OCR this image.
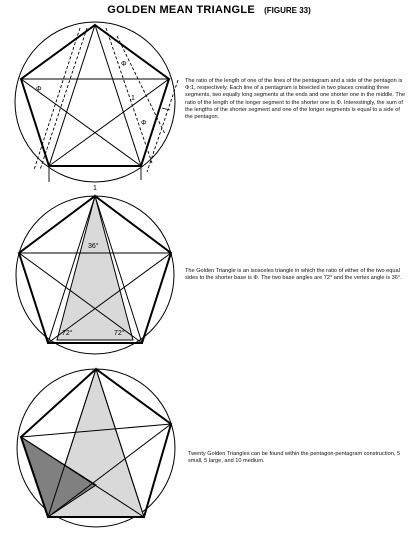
GOLDEN MEAN TRIANGLE (FIGURE 33)
Φ
Φ
Φ
1
1
36°
72°	72°
The ratio of the length of one of the lines of the pentagram and a side of the pentagon is Φ:1, respectively. Each line of a pentagram is bisected in two places creating three segments, two equally long segments at the ends and one shorter one in the middle. The ratio of the length of the longer segment to the shorter one is Φ. Interestingly, the sum of the lengths of the shorter segment and one of the longer segments is equal to a side of the pentagon.
The Golden Triangle is an isosceles triangle in which the ratio of either of the two equal sides to the shorter base is Φ. The two base angles are 72° and the vertex angle is 36°.
Twenty Golden Triangles can be found within the pentagon-pentagram construction, 5 small, 5 large, and 10 medium.
